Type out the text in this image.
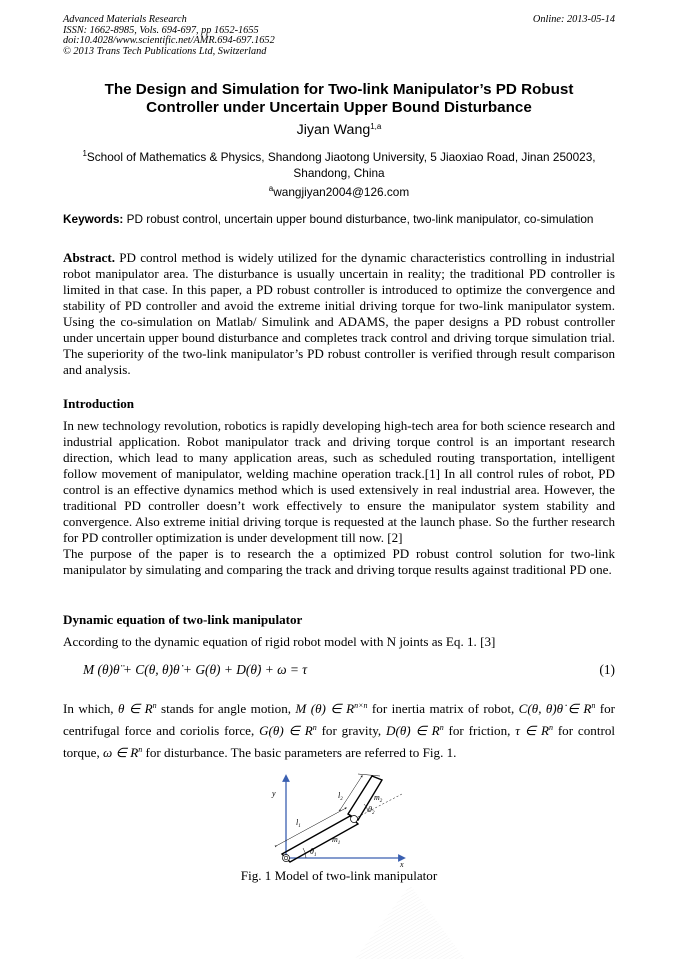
Advanced Materials Research
ISSN: 1662-8985, Vols. 694-697, pp 1652-1655
doi:10.4028/www.scientific.net/AMR.694-697.1652
© 2013 Trans Tech Publications Ltd, Switzerland
Online: 2013-05-14
The Design and Simulation for Two-link Manipulator’s PD Robust
Controller under Uncertain Upper Bound Disturbance
Jiyan Wang$^{1,a}$
$^1$School of Mathematics & Physics, Shandong Jiaotong University, 5 Jiaoxiao Road, Jinan 250023,
Shandong, China
$^a$wangjiyan2004@126.com
Keywords: PD robust control, uncertain upper bound disturbance, two-link manipulator, co-simulation
Abstract. PD control method is widely utilized for the dynamic characteristics controlling in industrial robot manipulator area. The disturbance is usually uncertain in reality; the traditional PD controller is limited in that case. In this paper, a PD robust controller is introduced to optimize the convergence and stability of PD controller and avoid the extreme initial driving torque for two-link manipulator system. Using the co-simulation on Matlab/ Simulink and ADAMS, the paper designs a PD robust controller under uncertain upper bound disturbance and completes track control and driving torque simulation trial. The superiority of the two-link manipulator’s PD robust controller is verified through result comparison and analysis.
Introduction
In new technology revolution, robotics is rapidly developing high-tech area for both science research and industrial application. Robot manipulator track and driving torque control is an important research direction, which lead to many application areas, such as scheduled routing transportation, intelligent follow movement of manipulator, welding machine operation track.[1] In all control rules of robot, PD control is an effective dynamics method which is used extensively in real industrial area. However, the traditional PD controller doesn’t work effectively to ensure the manipulator system stability and convergence. Also extreme initial driving torque is requested at the launch phase. So the further research for PD controller optimization is under development till now. [2]
The purpose of the paper is to research the a optimized PD robust control solution for two-link manipulator by simulating and comparing the track and driving torque results against traditional PD one.
Dynamic equation of two-link manipulator
According to the dynamic equation of rigid robot model with N joints as Eq. 1. [3]
M (θ)θ̈ + C(θ, θ̇)θ̇ + G(θ) + D(θ̇) + ω = τ	(1)
In which, θ ∈ $R^n$ stands for angle motion, M (θ) ∈ $R^{n\times n}$ for inertia matrix of robot, C(θ, θ̇)θ̇ ∈ $R^n$ for centrifugal force and coriolis force, G(θ) ∈ $R^n$ for gravity, D(θ̇) ∈ $R^n$ for friction, τ ∈ $R^n$ for control torque, ω ∈ $R^n$ for disturbance. The basic parameters are referred to Fig. 1.
y
x
$l_1$
$l_2$
$m_1$
$m_2$
$\theta_1$
$\theta_2$
Fig. 1 Model of two-link manipulator
